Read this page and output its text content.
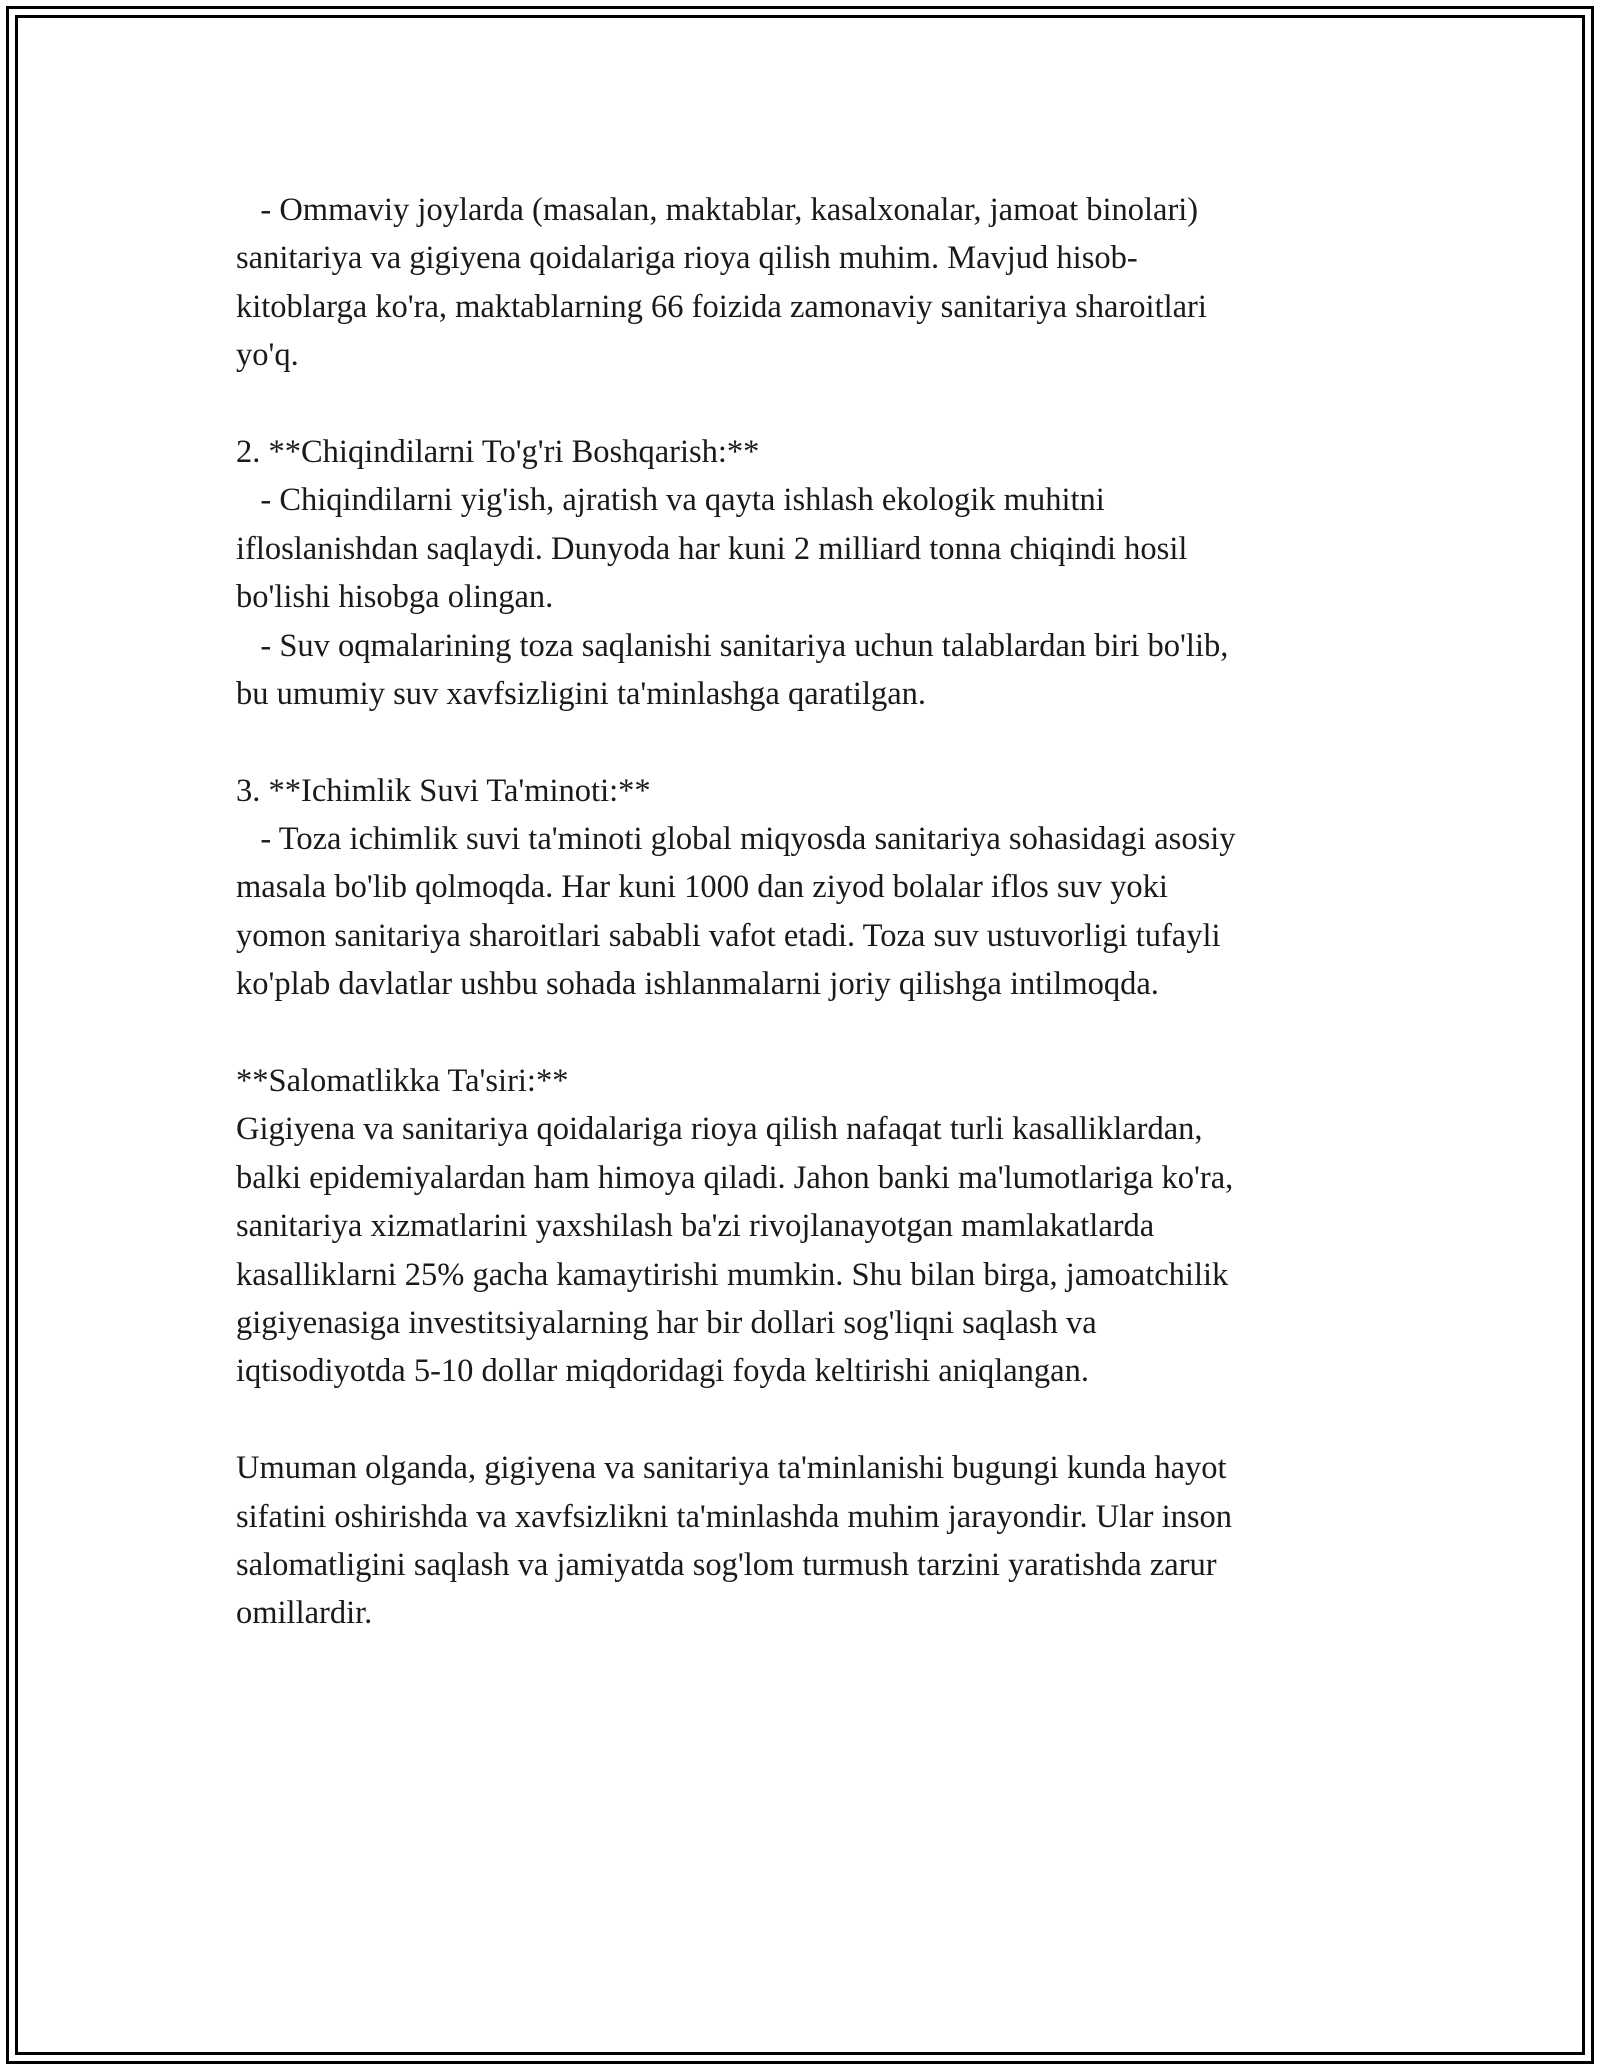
- Ommaviy joylarda (masalan, maktablar, kasalxonalar, jamoat binolari)
sanitariya va gigiyena qoidalariga rioya qilish muhim. Mavjud hisob-
kitoblarga ko'ra, maktablarning 66 foizida zamonaviy sanitariya sharoitlari
yo'q.
2. **Chiqindilarni To'g'ri Boshqarish:**
- Chiqindilarni yig'ish, ajratish va qayta ishlash ekologik muhitni
ifloslanishdan saqlaydi. Dunyoda har kuni 2 milliard tonna chiqindi hosil
bo'lishi hisobga olingan.
- Suv oqmalarining toza saqlanishi sanitariya uchun talablardan biri bo'lib,
bu umumiy suv xavfsizligini ta'minlashga qaratilgan.
3. **Ichimlik Suvi Ta'minoti:**
- Toza ichimlik suvi ta'minoti global miqyosda sanitariya sohasidagi asosiy
masala bo'lib qolmoqda. Har kuni 1000 dan ziyod bolalar iflos suv yoki
yomon sanitariya sharoitlari sababli vafot etadi. Toza suv ustuvorligi tufayli
ko'plab davlatlar ushbu sohada ishlanmalarni joriy qilishga intilmoqda.
**Salomatlikka Ta'siri:**
Gigiyena va sanitariya qoidalariga rioya qilish nafaqat turli kasalliklardan,
balki epidemiyalardan ham himoya qiladi. Jahon banki ma'lumotlariga ko'ra,
sanitariya xizmatlarini yaxshilash ba'zi rivojlanayotgan mamlakatlarda
kasalliklarni 25% gacha kamaytirishi mumkin. Shu bilan birga, jamoatchilik
gigiyenasiga investitsiyalarning har bir dollari sog'liqni saqlash va
iqtisodiyotda 5-10 dollar miqdoridagi foyda keltirishi aniqlangan.
Umuman olganda, gigiyena va sanitariya ta'minlanishi bugungi kunda hayot
sifatini oshirishda va xavfsizlikni ta'minlashda muhim jarayondir. Ular inson
salomatligini saqlash va jamiyatda sog'lom turmush tarzini yaratishda zarur
omillardir.
